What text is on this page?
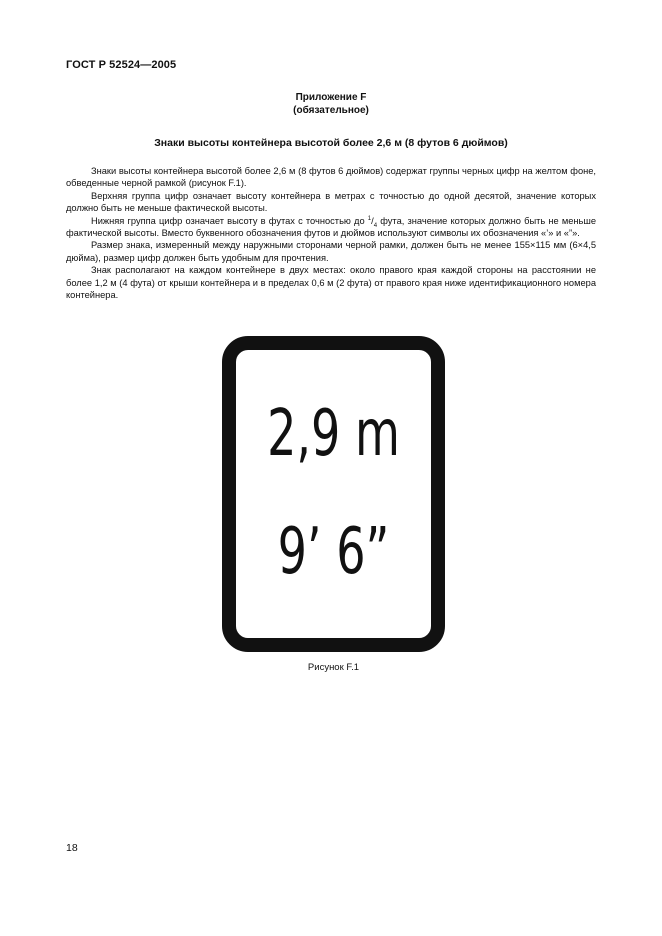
ГОСТ Р 52524—2005
Приложение F
(обязательное)
Знаки высоты контейнера высотой более 2,6 м (8 футов 6 дюймов)

Знаки высоты контейнера высотой более 2,6 м (8 футов 6 дюймов) содержат группы черных цифр на желтом фоне, обведенные черной рамкой (рисунок F.1).

Верхняя группа цифр означает высоту контейнера в метрах с точностью до одной десятой, значение которых должно быть не меньше фактической высоты.

Нижняя группа цифр означает высоту в футах с точностью до $^1/_4$ фута, значение которых должно быть не меньше фактической высоты. Вместо буквенного обозначения футов и дюймов используют символы их обозначения «’» и «”».

Размер знака, измеренный между наружными сторонами черной рамки, должен быть не менее 155×115 мм (6×4,5 дюйма), размер цифр должен быть удобным для прочтения.

Знак располагают на каждом контейнере в двух местах: около правого края каждой стороны на расстоянии не более 1,2 м (4 фута) от крыши контейнера и в пределах 0,6 м (2 фута) от правого края ниже идентификационного номера контейнера.

2,9 m
9’ 6”
Рисунок F.1
18
